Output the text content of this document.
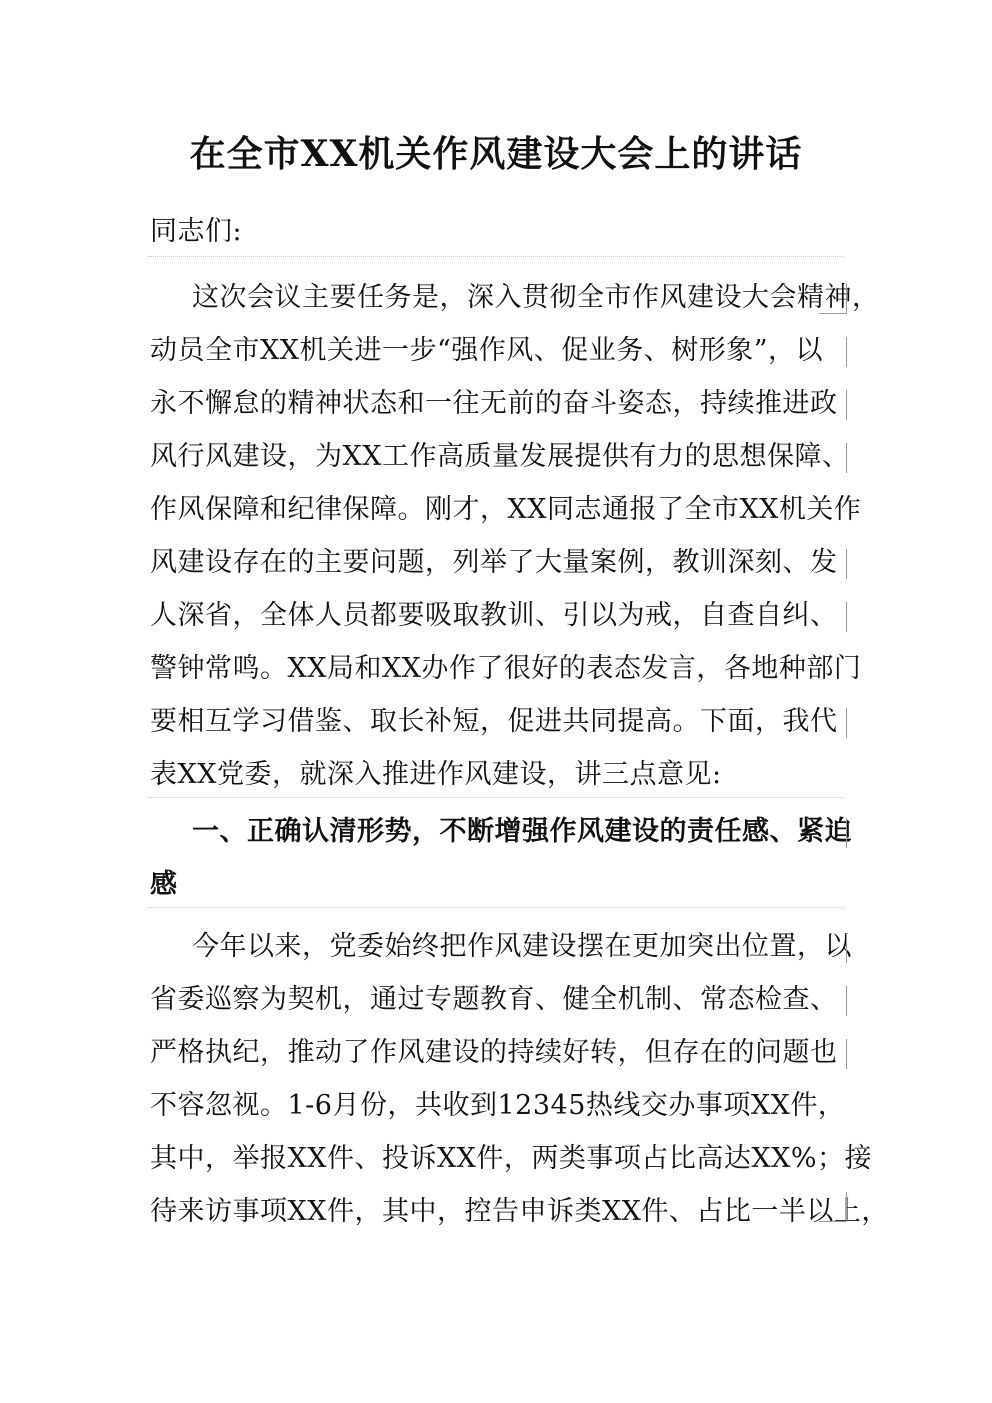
在全市XX机关作风建设大会上的讲话
同志们:
这次会议主要任务是，深入贯彻全市作风建设大会精神，
动员全市XX机关进一步“强作风、促业务、树形象”，以
永不懈怠的精神状态和一往无前的奋斗姿态，持续推进政
风行风建设，为XX工作高质量发展提供有力的思想保障、
作风保障和纪律保障。刚才，XX同志通报了全市XX机关作
风建设存在的主要问题，列举了大量案例，教训深刻、发
人深省，全体人员都要吸取教训、引以为戒，自查自纠、
警钟常鸣。XX局和XX办作了很好的表态发言，各地种部门
要相互学习借鉴、取长补短，促进共同提高。下面，我代
表XX党委，就深入推进作风建设，讲三点意见:
一、正确认清形势，不断增强作风建设的责任感、紧迫
感
今年以来，党委始终把作风建设摆在更加突出位置，以
省委巡察为契机，通过专题教育、健全机制、常态检查、
严格执纪，推动了作风建设的持续好转，但存在的问题也
不容忽视。1-6月份，共收到12345热线交办事项XX件，
其中，举报XX件、投诉XX件，两类事项占比高达XX%；接
待来访事项XX件，其中，控告申诉类XX件、占比一半以上，
